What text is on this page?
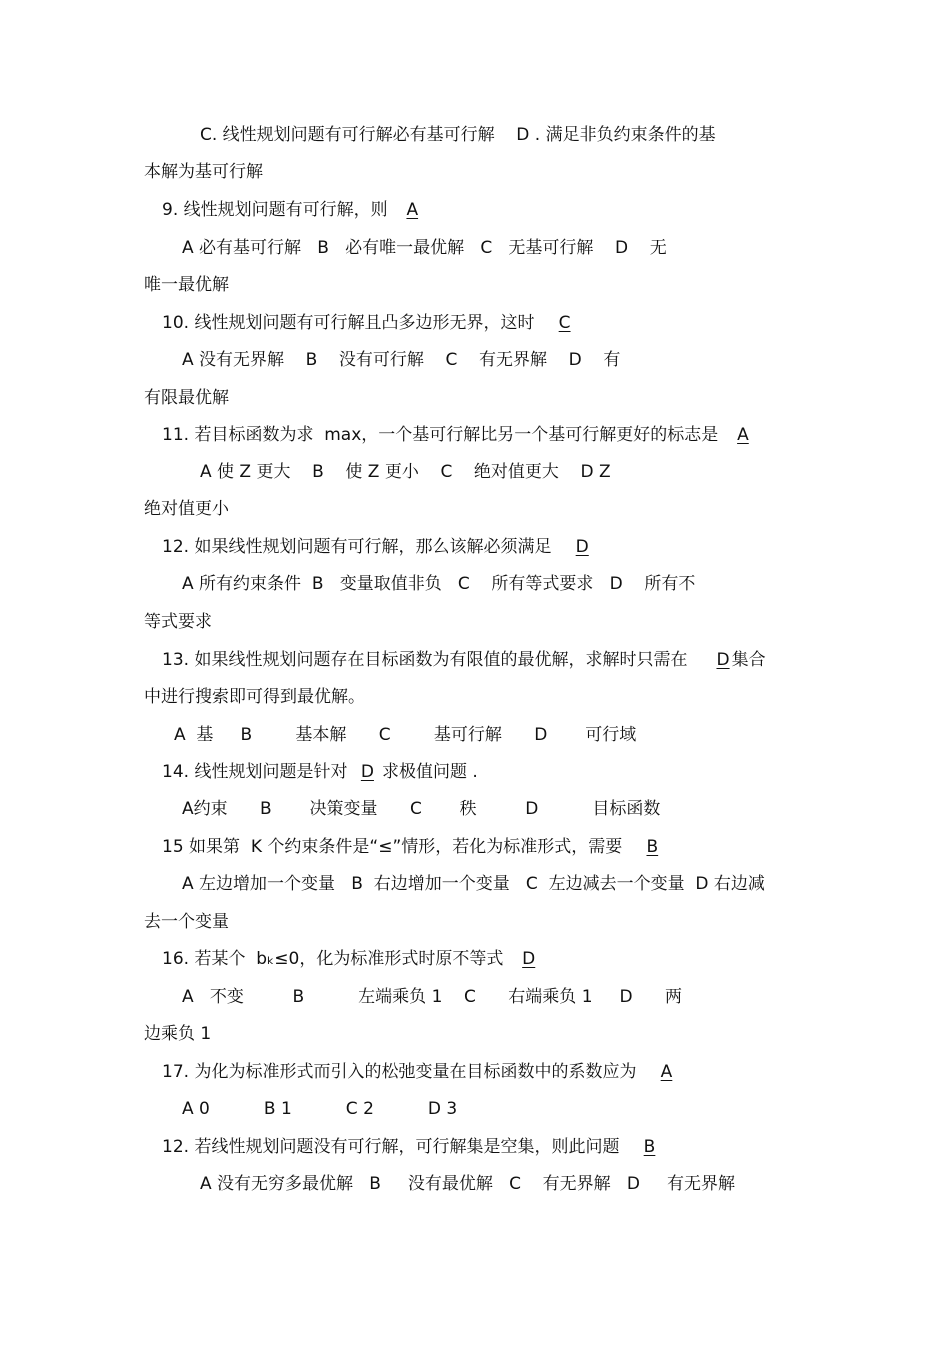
C. 线性规划问题有可行解必有基可行解    D . 满足非负约束条件的基
本解为基可行解
9. 线性规划问题有可行解，则 A
A 必有基可行解   B   必有唯一最优解   C   无基可行解    D    无
唯一最优解
10. 线性规划问题有可行解且凸多边形无界，这时 C
A 没有无界解    B    没有可行解    C    有无界解    D    有
有限最优解
11. 若目标函数为求  max，一个基可行解比另一个基可行解更好的标志是 A
A 使 Z 更大    B    使 Z 更小    C    绝对值更大    D Z
绝对值更小
12. 如果线性规划问题有可行解，那么该解必须满足 D
A 所有约束条件  B   变量取值非负   C    所有等式要求   D    所有不
等式要求
13. 如果线性规划问题存在目标函数为有限值的最优解，求解时只需在 D 集合
中进行搜索即可得到最优解。
A  基     B        基本解      C        基可行解      D       可行域
14. 线性规划问题是针对 D 求极值问题 .
A约束      B       决策变量      C       秩         D          目标函数
15 如果第  K 个约束条件是“≤”情形，若化为标准形式，需要 B
A 左边增加一个变量   B  右边增加一个变量   C  左边减去一个变量  D 右边减
去一个变量
16. 若某个  bₖ≤0，化为标准形式时原不等式 D
A   不变         B          左端乘负 1    C      右端乘负 1     D      两
边乘负 1
17. 为化为标准形式而引入的松弛变量在目标函数中的系数应为 A
A 0          B 1          C 2          D 3
12. 若线性规划问题没有可行解，可行解集是空集，则此问题 B
A 没有无穷多最优解   B     没有最优解   C    有无界解   D     有无界解
